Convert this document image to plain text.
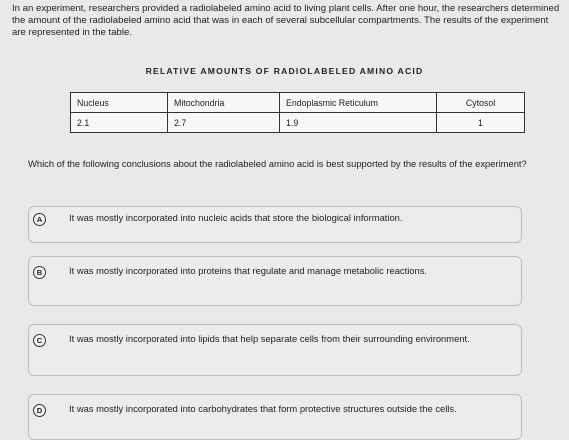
In an experiment, researchers provided a radiolabeled amino acid to living plant cells. After one hour, the researchers determined the amount of the radiolabeled amino acid that was in each of several subcellular compartments. The results of the experiment are represented in the table.
RELATIVE AMOUNTS OF RADIOLABELED AMINO ACID
Nucleus	Mitochondria	Endoplasmic Reticulum	Cytosol
2.1	2.7	1.9	1
Which of the following conclusions about the radiolabeled amino acid is best supported by the results of the experiment?
A	It was mostly incorporated into nucleic acids that store the biological information.
B	It was mostly incorporated into proteins that regulate and manage metabolic reactions.
C	It was mostly incorporated into lipids that help separate cells from their surrounding environment.
D	It was mostly incorporated into carbohydrates that form protective structures outside the cells.
